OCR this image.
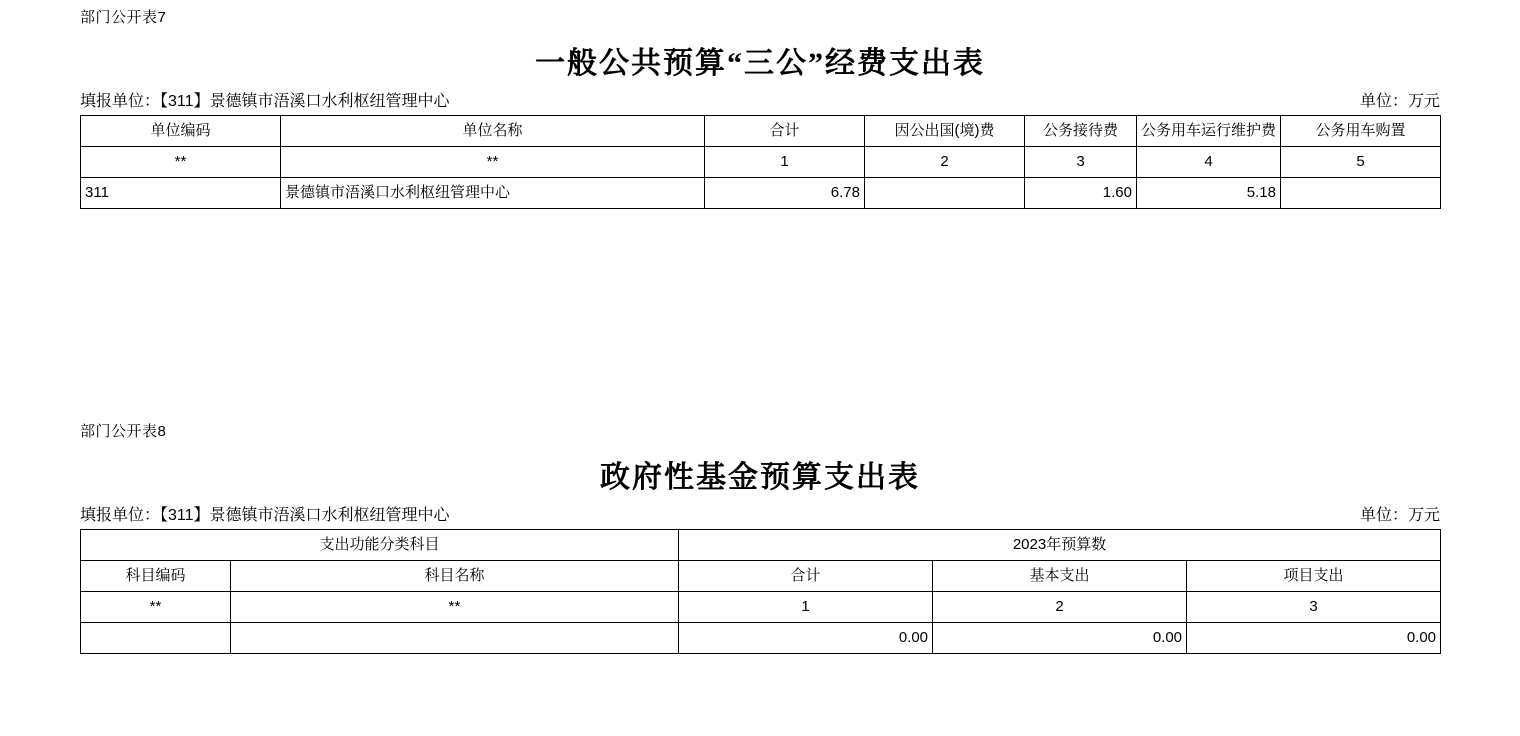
部门公开表7
一般公共预算“三公”经费支出表
填报单位：【311】景德镇市浯溪口水利枢纽管理中心	单位：万元
单位编码	单位名称	合计	因公出国(境)费	公务接待费	公务用车运行维护费	公务用车购置
**	**	1	2	3	4	5
311	景德镇市浯溪口水利枢纽管理中心	6.78		1.60	5.18	
部门公开表8
政府性基金预算支出表
填报单位：【311】景德镇市浯溪口水利枢纽管理中心	单位：万元
支出功能分类科目		2023年预算数		
科目编码	科目名称	合计	基本支出	项目支出
**	**	1	2	3
		0.00	0.00	0.00
